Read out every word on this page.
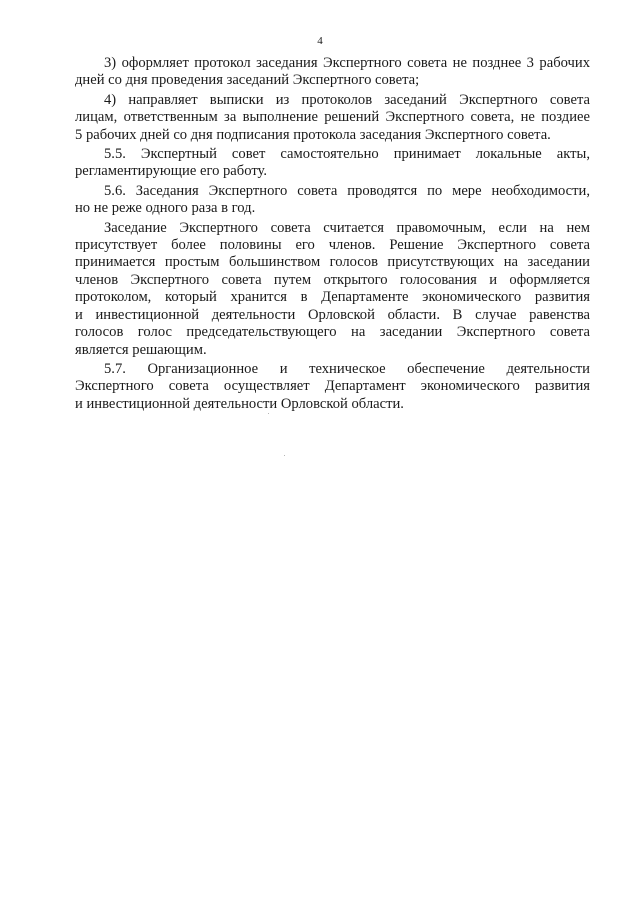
4

3) оформляет протокол заседания Экспертного совета не позднее 3 рабочих
дней со дня проведения заседаний Экспертного совета;

4) направляет выписки из протоколов заседаний Экспертного совета
лицам, ответственным за выполнение решений Экспертного совета, не поздиее
5 рабочих дней со дня подписания протокола заседания Экспертного совета.

5.5. Экспертный совет самостоятельно принимает локальные акты,
регламентирующие его работу.

5.6. Заседания Экспертного совета проводятся по мере необходимости,
но не реже одного раза в год.

Заседание Экспертного совета считается правомочным, если на нем
присутствует более половины его членов. Решение Экспертного совета
принимается простым большинством голосов присутствующих на заседании
членов Экспертного совета путем открытого голосования и оформляется
протоколом, который хранится в Департаменте экономического развития
и инвестиционной деятельности Орловской области. В случае равенства
голосов голос председательствующего на заседании Экспертного совета
является решающим.

5.7. Организационное и техническое обеспечение деятельности
Экспертного совета осуществляет Департамент экономического развития
и инвестиционной деятельности Орловской области.
